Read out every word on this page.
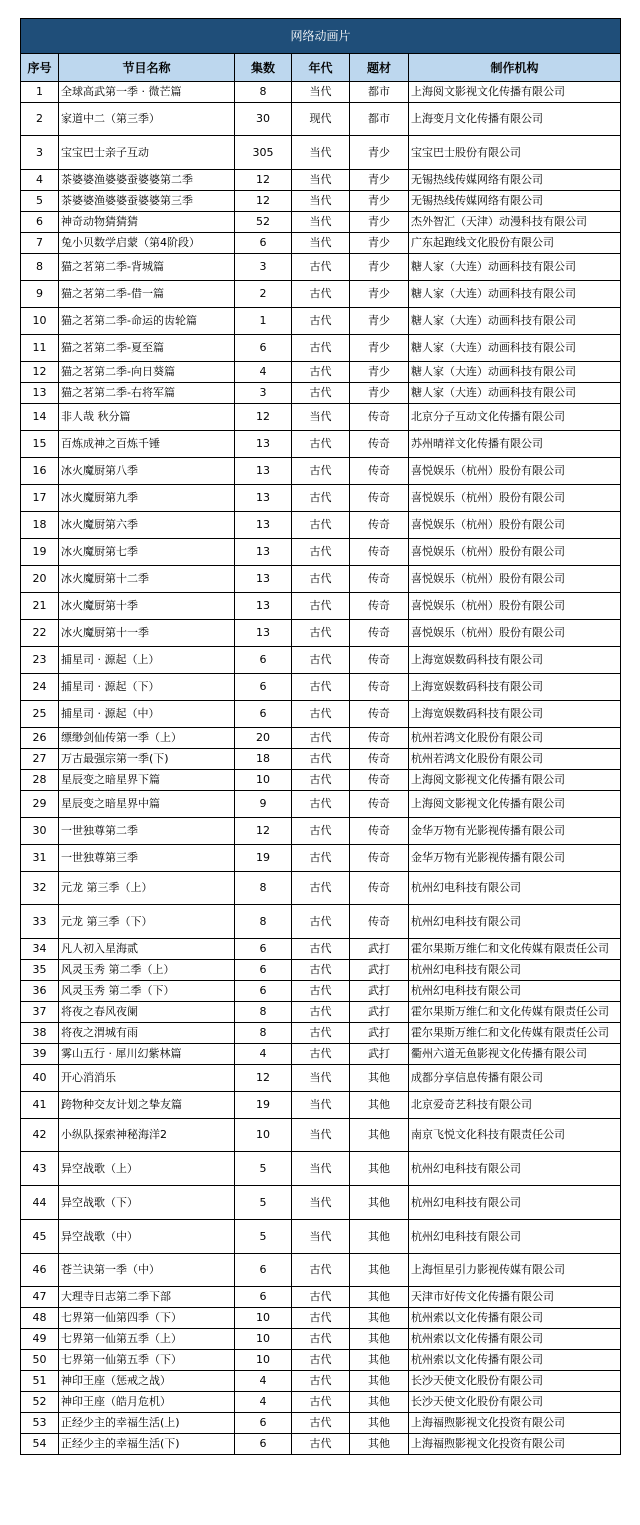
网络动画片					
序号	节目名称	集数	年代	题材	制作机构
1	全球高武第一季 · 微芒篇	8	当代	都市	上海阅文影视文化传播有限公司
2	家道中二（第三季）	30	现代	都市	上海变月文化传播有限公司
3	宝宝巴士亲子互动	305	当代	青少	宝宝巴士股份有限公司
4	茶婆婆渔婆婆蚕婆婆第二季	12	当代	青少	无锡热线传媒网络有限公司
5	茶婆婆渔婆婆蚕婆婆第三季	12	当代	青少	无锡热线传媒网络有限公司
6	神奇动物猜猜猜	52	当代	青少	杰外智汇（天津）动漫科技有限公司
7	兔小贝数学启蒙（第4阶段）	6	当代	青少	广东起跑线文化股份有限公司
8	猫之茗第二季-背城篇	3	古代	青少	糖人家（大连）动画科技有限公司
9	猫之茗第二季-借一篇	2	古代	青少	糖人家（大连）动画科技有限公司
10	猫之茗第二季-命运的齿轮篇	1	古代	青少	糖人家（大连）动画科技有限公司
11	猫之茗第二季-夏至篇	6	古代	青少	糖人家（大连）动画科技有限公司
12	猫之茗第二季-向日葵篇	4	古代	青少	糖人家（大连）动画科技有限公司
13	猫之茗第二季-右将军篇	3	古代	青少	糖人家（大连）动画科技有限公司
14	非人哉 秋分篇	12	当代	传奇	北京分子互动文化传播有限公司
15	百炼成神之百炼千锤	13	古代	传奇	苏州晴祥文化传播有限公司
16	冰火魔厨第八季	13	古代	传奇	喜悦娱乐（杭州）股份有限公司
17	冰火魔厨第九季	13	古代	传奇	喜悦娱乐（杭州）股份有限公司
18	冰火魔厨第六季	13	古代	传奇	喜悦娱乐（杭州）股份有限公司
19	冰火魔厨第七季	13	古代	传奇	喜悦娱乐（杭州）股份有限公司
20	冰火魔厨第十二季	13	古代	传奇	喜悦娱乐（杭州）股份有限公司
21	冰火魔厨第十季	13	古代	传奇	喜悦娱乐（杭州）股份有限公司
22	冰火魔厨第十一季	13	古代	传奇	喜悦娱乐（杭州）股份有限公司
23	捕星司 · 源起（上）	6	古代	传奇	上海宽娱数码科技有限公司
24	捕星司 · 源起（下）	6	古代	传奇	上海宽娱数码科技有限公司
25	捕星司 · 源起（中）	6	古代	传奇	上海宽娱数码科技有限公司
26	缥缈剑仙传第一季（上）	20	古代	传奇	杭州若鸿文化股份有限公司
27	万古最强宗第一季(下)	18	古代	传奇	杭州若鸿文化股份有限公司
28	星辰变之暗星界下篇	10	古代	传奇	上海阅文影视文化传播有限公司
29	星辰变之暗星界中篇	9	古代	传奇	上海阅文影视文化传播有限公司
30	一世独尊第二季	12	古代	传奇	金华万物有光影视传播有限公司
31	一世独尊第三季	19	古代	传奇	金华万物有光影视传播有限公司
32	元龙 第三季（上）	8	古代	传奇	杭州幻电科技有限公司
33	元龙 第三季（下）	8	古代	传奇	杭州幻电科技有限公司
34	凡人初入星海贰	6	古代	武打	霍尔果斯万维仁和文化传媒有限责任公司
35	风灵玉秀 第二季（上）	6	古代	武打	杭州幻电科技有限公司
36	风灵玉秀 第二季（下）	6	古代	武打	杭州幻电科技有限公司
37	将夜之春风夜阑	8	古代	武打	霍尔果斯万维仁和文化传媒有限责任公司
38	将夜之渭城有雨	8	古代	武打	霍尔果斯万维仁和文化传媒有限责任公司
39	雾山五行 · 犀川幻紫林篇	4	古代	武打	衢州六道无鱼影视文化传播有限公司
40	开心消消乐	12	当代	其他	成都分享信息传播有限公司
41	跨物种交友计划之挚友篇	19	当代	其他	北京爱奇艺科技有限公司
42	小纵队探索神秘海洋2	10	当代	其他	南京飞悦文化科技有限责任公司
43	异空战歌（上）	5	当代	其他	杭州幻电科技有限公司
44	异空战歌（下）	5	当代	其他	杭州幻电科技有限公司
45	异空战歌（中）	5	当代	其他	杭州幻电科技有限公司
46	苍兰诀第一季（中）	6	古代	其他	上海恒星引力影视传媒有限公司
47	大理寺日志第二季下部	6	古代	其他	天津市好传文化传播有限公司
48	七界第一仙第四季（下）	10	古代	其他	杭州索以文化传播有限公司
49	七界第一仙第五季（上）	10	古代	其他	杭州索以文化传播有限公司
50	七界第一仙第五季（下）	10	古代	其他	杭州索以文化传播有限公司
51	神印王座（惩戒之战）	4	古代	其他	长沙天使文化股份有限公司
52	神印王座（皓月危机）	4	古代	其他	长沙天使文化股份有限公司
53	正经少主的幸福生活(上)	6	古代	其他	上海福煦影视文化投资有限公司
54	正经少主的幸福生活(下)	6	古代	其他	上海福煦影视文化投资有限公司
